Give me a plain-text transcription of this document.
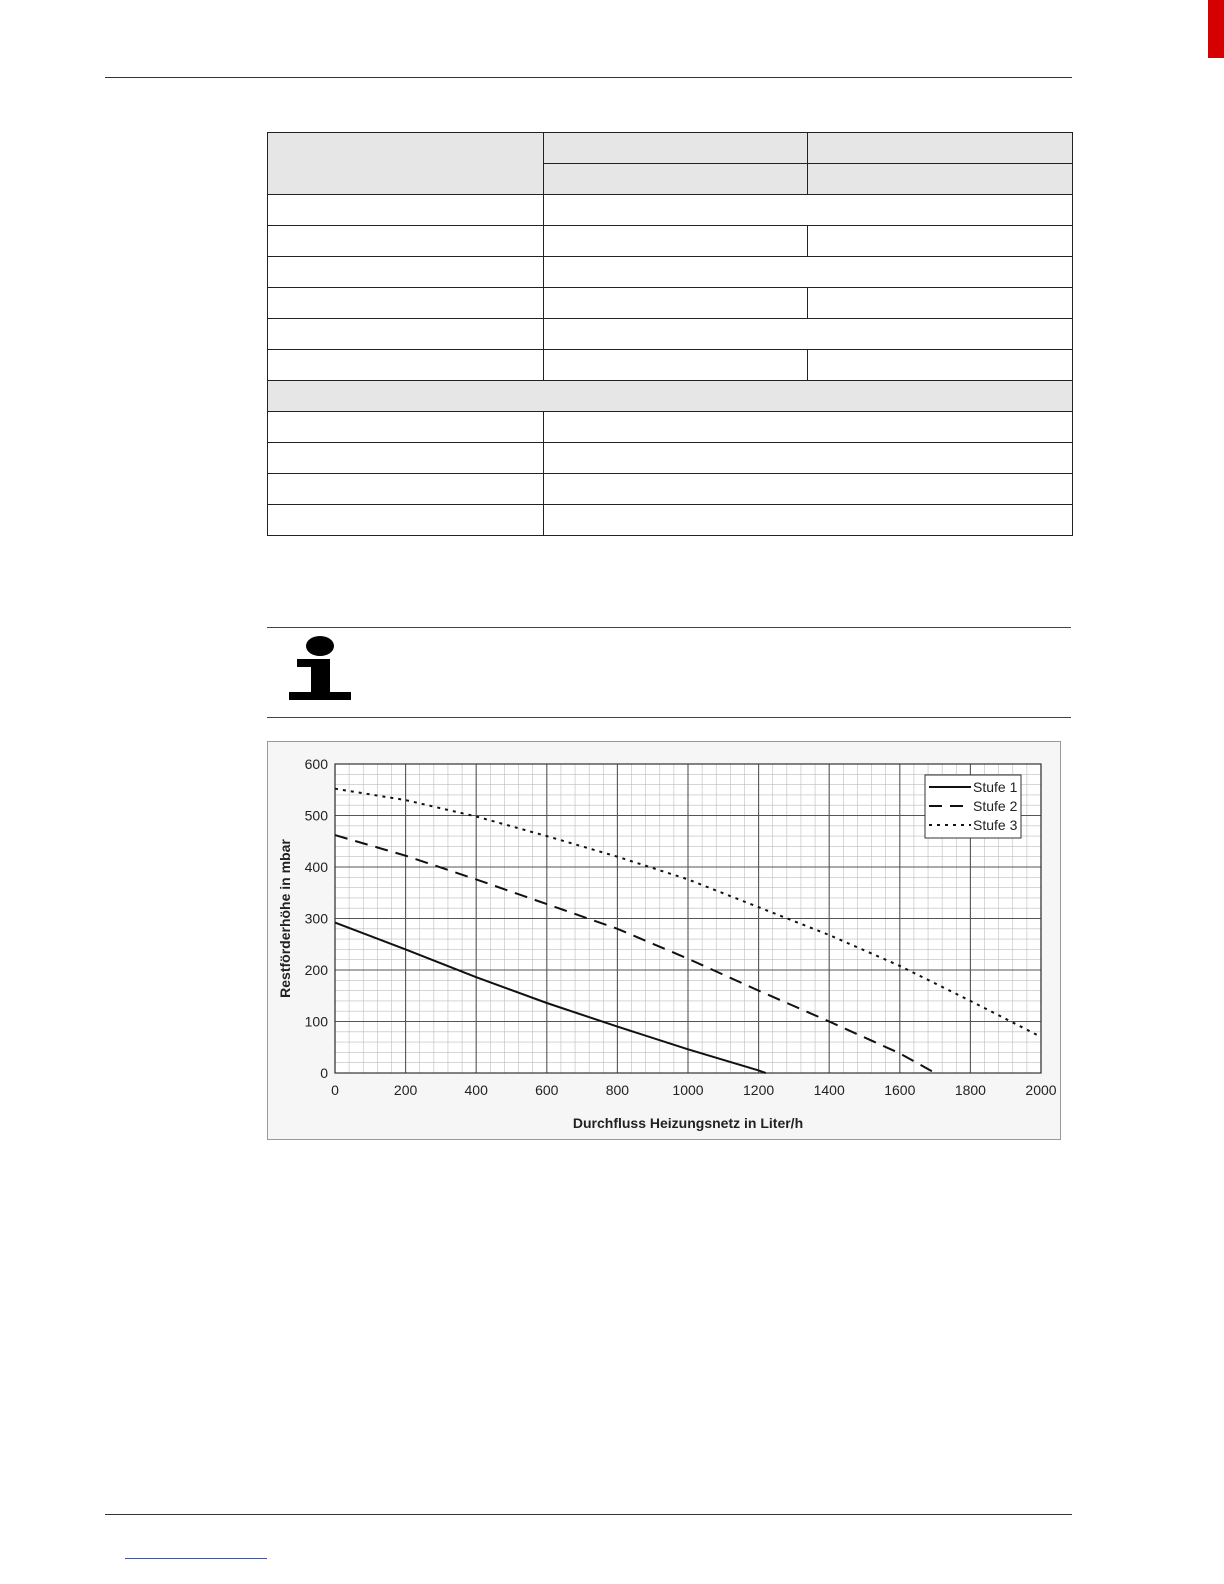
0	200	400	600	800	1000	1200	1400	1600	1800	2000
0
100
200
300
400
500
600
Stufe 1
Stufe 2
Stufe 3
Durchfluss Heizungsnetz in Liter/h
Restförderhöhe in mbar
